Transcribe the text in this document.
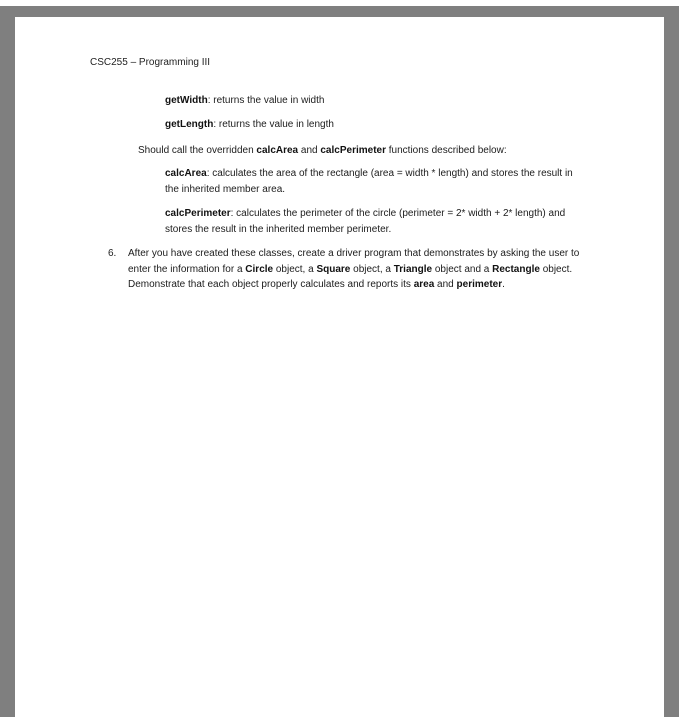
CSC255 – Programming III
getWidth: returns the value in width
getLength: returns the value in length
Should call the overridden calcArea and calcPerimeter functions described below:
calcArea: calculates the area of the rectangle (area = width * length) and stores the result in the inherited member area.
calcPerimeter: calculates the perimeter of the circle (perimeter = 2* width + 2* length) and stores the result in the inherited member perimeter.
6. After you have created these classes, create a driver program that demonstrates by asking the user to enter the information for a Circle object, a Square object, a Triangle object and a Rectangle object. Demonstrate that each object properly calculates and reports its area and perimeter.
